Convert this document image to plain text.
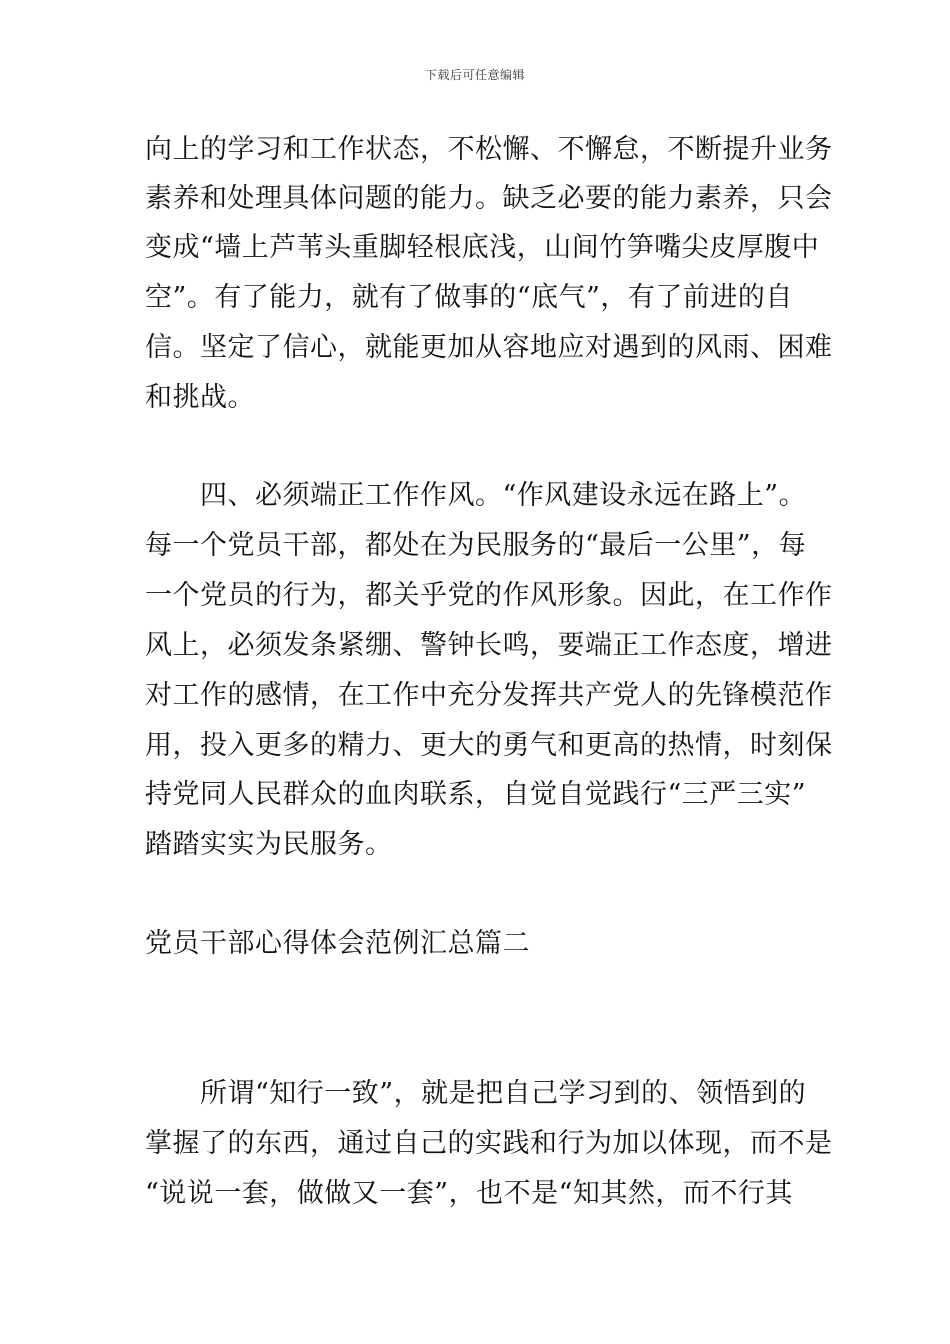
下载后可任意编辑
向上的学习和工作状态，不松懈、不懈怠，不断提升业务
素养和处理具体问题的能力。缺乏必要的能力素养，只会
变成“墙上芦苇头重脚轻根底浅，山间竹笋嘴尖皮厚腹中
空”。有了能力，就有了做事的“底气”，有了前进的自
信。坚定了信心，就能更加从容地应对遇到的风雨、困难
和挑战。
四、必须端正工作作风。“作风建设永远在路上”。
每一个党员干部，都处在为民服务的“最后一公里”，每
一个党员的行为，都关乎党的作风形象。因此，在工作作
风上，必须发条紧绷、警钟长鸣，要端正工作态度，增进
对工作的感情，在工作中充分发挥共产党人的先锋模范作
用，投入更多的精力、更大的勇气和更高的热情，时刻保
持党同人民群众的血肉联系，自觉自觉践行“三严三实”
踏踏实实为民服务。
党员干部心得体会范例汇总篇二
所谓“知行一致”，就是把自己学习到的、领悟到的
掌握了的东西，通过自己的实践和行为加以体现，而不是
“说说一套，做做又一套”，也不是“知其然，而不行其
